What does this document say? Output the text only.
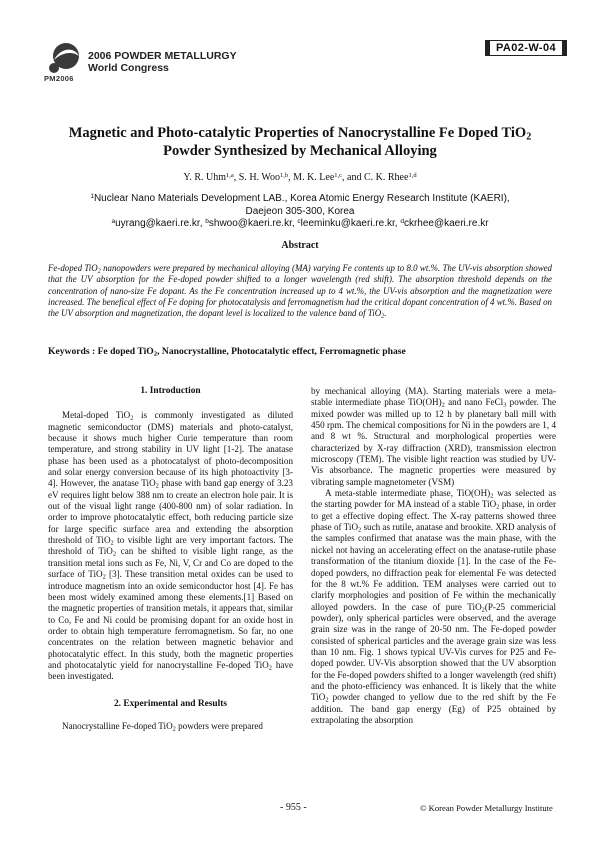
PM2006
2006 POWDER METALLURGY
World Congress
PA02-W-04
Magnetic and Photo-catalytic Properties of Nanocrystalline Fe Doped TiO$_2$
Powder Synthesized by Mechanical Alloying
Y. R. Uhm$^{1,a}$, S. H. Woo$^{1,b}$, M. K. Lee$^{1,c}$, and C. K. Rhee$^{1,d}$
$^1$Nuclear Nano Materials Development LAB., Korea Atomic Energy Research Institute (KAERI),
Daejeon 305-300, Korea
$^a$uyrang@kaeri.re.kr, $^b$shwoo@kaeri.re.kr, $^c$leeminku@kaeri.re.kr, $^d$ckrhee@kaeri.re.kr
Abstract
Fe-doped TiO$_2$ nanopowders were prepared by mechanical alloying (MA) varying Fe contents up to 8.0 wt.%. The UV-vis absorption showed that the UV absorption for the Fe-doped powder shifted to a longer wavelength (red shift). The absorption threshold depends on the concentration of nano-size Fe dopant. As the Fe concentration increased up to 4 wt.%, the UV-vis absorption and the magnetization were increased. The benefical effect of Fe doping for photocatalysis and ferromagnetism had the critical dopant concentration of 4 wt.%. Based on the UV absorption and magnetization, the dopant level is localized to the valence band of TiO$_2$.
Keywords : Fe doped TiO$_2$, Nanocrystalline, Photocatalytic effect, Ferromagnetic phase
1. Introduction

Metal-doped TiO$_2$ is commonly investigated as diluted magnetic semiconductor (DMS) materials and photo-catalyst, because it shows much higher Curie temperature than room temperature, and strong stability in UV light [1-2]. The anatase phase has been used as a photocatalyst of photo-decomposition and solar energy conversion because of its high photoactivity [3-4]. However, the anatase TiO$_2$ phase with band gap energy of 3.23 eV requires light below 388 nm to create an electron hole pair. It is out of the visual light range (400-800 nm) of solar radiation. In order to improve photocatalytic effect, both reducing particle size for large specific surface area and extending the absorption threshold of TiO$_2$ to visible light are very important factors. The threshold of TiO$_2$ can be shifted to visible light range, as the transition metal ions such as Fe, Ni, V, Cr and Co are doped to the surface of TiO$_2$ [3]. These transition metal oxides can be used to introduce magnetism into an oxide semiconductor host [4]. Fe has been most widely examined among these elements.[1] Based on the magnetic properties of transition metals, it appears that, similar to Co, Fe and Ni could be promising dopant for an oxide host in order to obtain high temperature ferromagnetism. So far, no one concentrates on the relation between magnetic behavior and photocatalytic effect. In this study, both the magnetic properties and photocatalytic yield for nanocrystalline Fe-doped TiO$_2$ have been investigated.

2. Experimental and Results

Nanocrystalline Fe-doped TiO$_2$ powders were prepared

by mechanical alloying (MA). Starting materials were a meta-stable intermediate phase $TiO(OH)_2$ and nano FeCl$_3$ powder. The mixed powder was milled up to 12 h by planetary ball mill with 450 rpm. The chemical compositions for Ni in the powders are 1, 4 and 8 wt %. Structural and morphological properties were characterized by X-ray diffraction (XRD), transmission electron microscopy (TEM). The visible light reaction was studied by UV-Vis absorbance. The magnetic properties were measured by vibrating sample magnetometer (VSM)

A meta-stable intermediate phase, $TiO(OH)_2$ was selected as the starting powder for MA instead of a stable TiO$_2$ phase, in order to get a effective doping effect. The X-ray patterns showed three phase of TiO$_2$ such as rutile, anatase and brookite. XRD analysis of the samples confirmed that anatase was the main phase, with the nickel not having an accelerating effect on the anatase-rutile phase transformation of the titanium dioxide [1]. In the case of the Fe-doped powders, no diffraction peak for elemental Fe was detected for the 8 wt.% Fe addition. TEM analyses were carried out to clarify morphologies and position of Fe within the mechanically alloyed powders. In the case of pure TiO$_2$(P-25 commericial powder), only spherical particles were observed, and the average grain size was in the range of 20-50 nm. The Fe-doped powder consisted of spherical particles and the average grain size was less than 10 nm. Fig. 1 shows typical UV-Vis curves for P25 and Fe-doped powder. UV-Vis absorption showed that the UV absorption for the Fe-doped powders shifted to a longer wavelength (red shift) and the photo-efficiency was enhanced. It is likely that the white TiO$_2$ powder changed to yellow due to the red shift by the Fe addition. The band gap energy (Eg) of P25 obtained by extrapolating the absorption

- 955 -	© Korean Powder Metallurgy Institute
